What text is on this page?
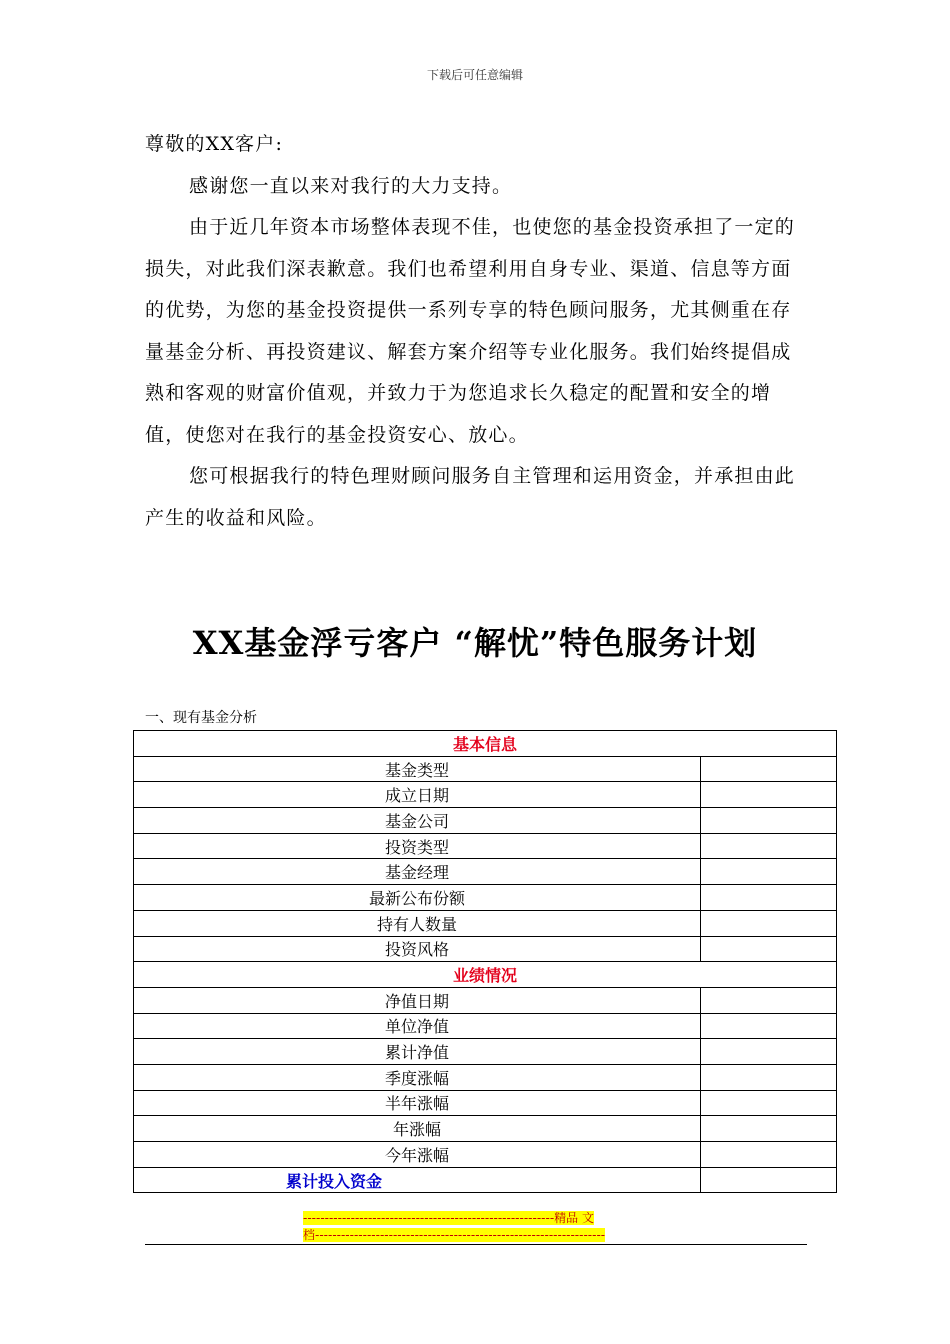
下载后可任意编辑

尊敬的XX客户:

感谢您一直以来对我行的大力支持。

由于近几年资本市场整体表现不佳，也使您的基金投资承担了一定的损失，对此我们深表歉意。我们也希望利用自身专业、渠道、信息等方面的优势，为您的基金投资提供一系列专享的特色顾问服务，尤其侧重在存量基金分析、再投资建议、解套方案介绍等专业化服务。我们始终提倡成熟和客观的财富价值观，并致力于为您追求长久稳定的配置和安全的增值，使您对在我行的基金投资安心、放心。

您可根据我行的特色理财顾问服务自主管理和运用资金，并承担由此产生的收益和风险。

XX基金浮亏客户 “解忧”特色服务计划
一、现有基金分析
基本信息	
基金类型	
成立日期	
基金公司	
投资类型	
基金经理	
最新公布份额	
持有人数量	
投资风格	
业绩情况	
净值日期	
单位净值	
累计净值	
季度涨幅	
半年涨幅	
年涨幅	
今年涨幅	
累计投入资金	
----------------------------------------------------------精品 文
档-------------------------------------------------------------------
